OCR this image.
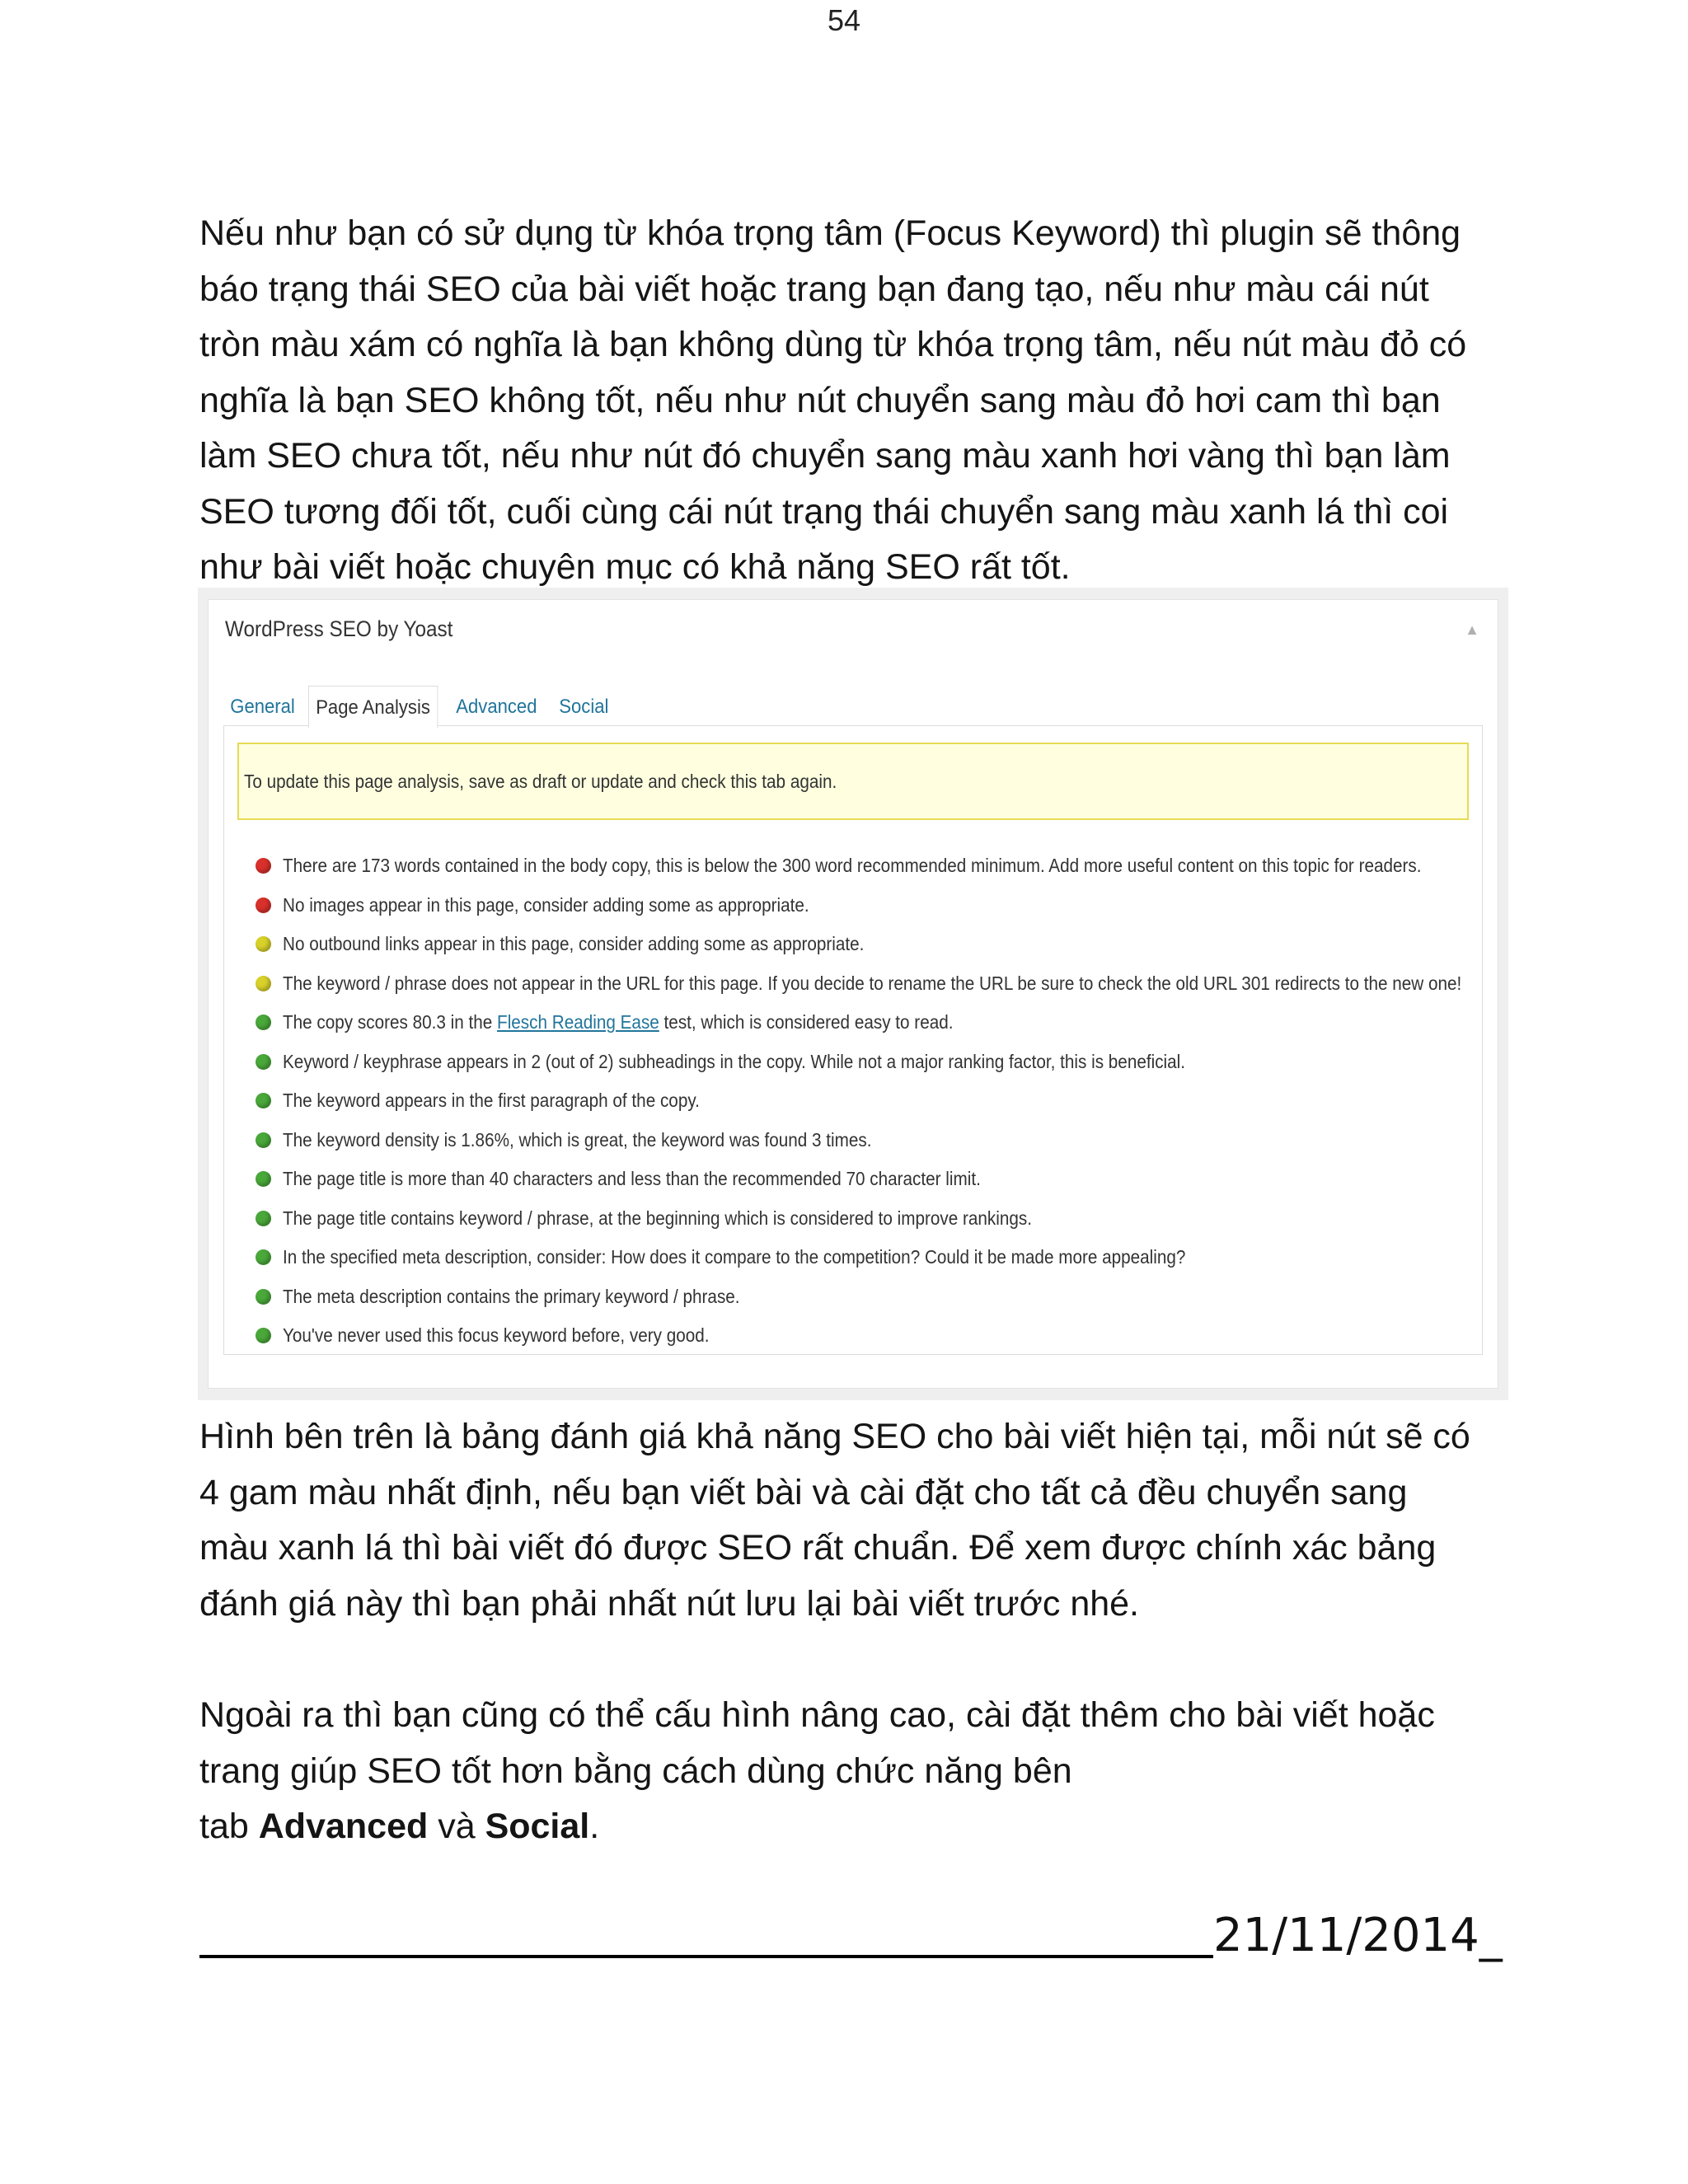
54

Nếu như bạn có sử dụng từ khóa trọng tâm (Focus Keyword) thì plugin sẽ thông báo trạng thái SEO của bài viết hoặc trang bạn đang tạo, nếu như màu cái nút tròn màu xám có nghĩa là bạn không dùng từ khóa trọng tâm, nếu nút màu đỏ có nghĩa là bạn SEO không tốt, nếu như nút chuyển sang màu đỏ hơi cam thì bạn làm SEO chưa tốt, nếu như nút đó chuyển sang màu xanh hơi vàng thì bạn làm SEO tương đối tốt, cuối cùng cái nút trạng thái chuyển sang màu xanh lá thì coi như bài viết hoặc chuyên mục có khả năng SEO rất tốt.

WordPress SEO by Yoast	▲
General	Page Analysis	Advanced	Social
To update this page analysis, save as draft or update and check this tab again.
There are 173 words contained in the body copy, this is below the 300 word recommended minimum. Add more useful content on this topic for readers.
No images appear in this page, consider adding some as appropriate.
No outbound links appear in this page, consider adding some as appropriate.
The keyword / phrase does not appear in the URL for this page. If you decide to rename the URL be sure to check the old URL 301 redirects to the new one!
The copy scores 80.3 in the Flesch Reading Ease test, which is considered easy to read.
Keyword / keyphrase appears in 2 (out of 2) subheadings in the copy. While not a major ranking factor, this is beneficial.
The keyword appears in the first paragraph of the copy.
The keyword density is 1.86%, which is great, the keyword was found 3 times.
The page title is more than 40 characters and less than the recommended 70 character limit.
The page title contains keyword / phrase, at the beginning which is considered to improve rankings.
In the specified meta description, consider: How does it compare to the competition? Could it be made more appealing?
The meta description contains the primary keyword / phrase.
You've never used this focus keyword before, very good.

Hình bên trên là bảng đánh giá khả năng SEO cho bài viết hiện tại, mỗi nút sẽ có 4 gam màu nhất định, nếu bạn viết bài và cài đặt cho tất cả đều chuyển sang màu xanh lá thì bài viết đó được SEO rất chuẩn. Để xem được chính xác bảng đánh giá này thì bạn phải nhất nút lưu lại bài viết trước nhé.

Ngoài ra thì bạn cũng có thể cấu hình nâng cao, cài đặt thêm cho bài viết hoặc trang giúp SEO tốt hơn bằng cách dùng chức năng bên
tab Advanced và Social.

21/11/2014_
